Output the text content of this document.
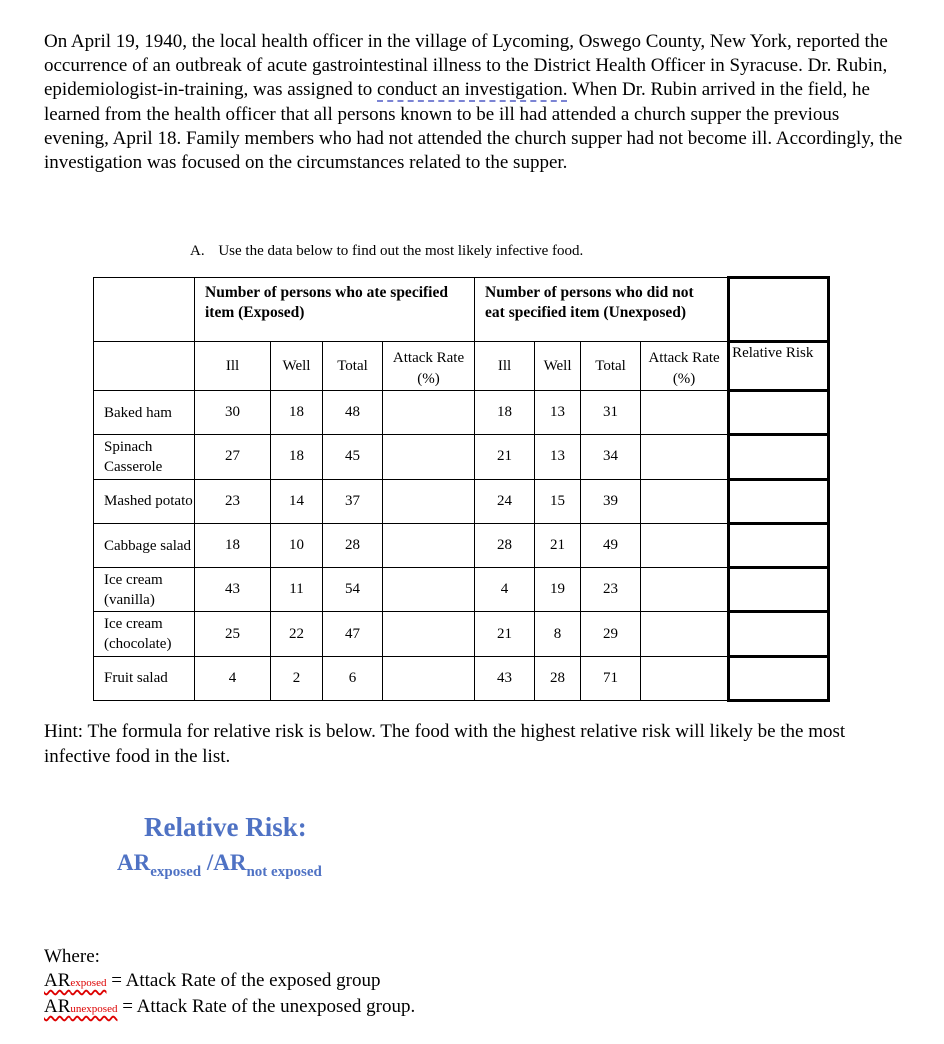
On April 19, 1940, the local health officer in the village of Lycoming, Oswego County, New York, reported the occurrence of an outbreak of acute gastrointestinal illness to the District Health Officer in Syracuse. Dr. Rubin, epidemiologist-in-training, was assigned to conduct an investigation. When Dr. Rubin arrived in the field, he learned from the health officer that all persons known to be ill had attended a church supper the previous evening, April 18. Family members who had not attended the church supper had not become ill. Accordingly, the investigation was focused on the circumstances related to the supper.

A. Use the data below to find out the most likely infective food.
	Number of persons who ate specified item (Exposed)				Number of persons who did not eat specified item (Unexposed)				
	Ill	Well	Total	Attack Rate (%)	Ill	Well	Total	Attack Rate (%)	Relative Risk
Baked ham	30	18	48		18	13	31		
Spinach Casserole	27	18	45		21	13	34		
Mashed potato	23	14	37		24	15	39		
Cabbage salad	18	10	28		28	21	49		
Ice cream (vanilla)	43	11	54		4	19	23		
Ice cream (chocolate)	25	22	47		21	8	29		
Fruit salad	4	2	6		43	28	71		
Hint: The formula for relative risk is below. The food with the highest relative risk will likely be the most infective food in the list.
Relative Risk:
$AR_{exposed}$ $/AR_{not exposed}$
Where:
ARexposed = Attack Rate of the exposed group
ARunexposed = Attack Rate of the unexposed group.
